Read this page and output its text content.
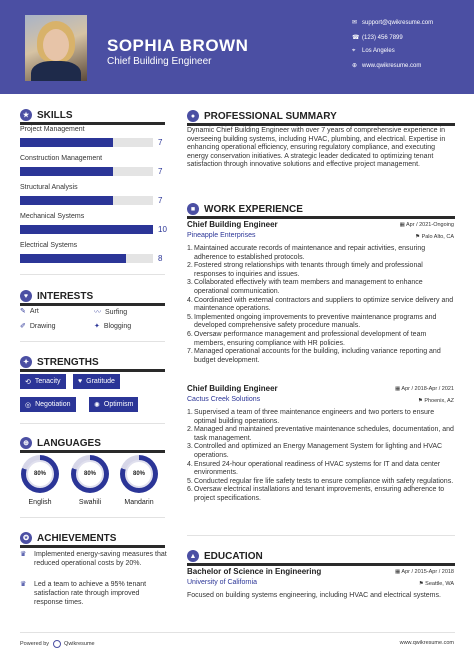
SOPHIA BROWN
Chief Building Engineer
✉ support@qwikresume.com
☎ (123) 456 7899
⌖ Los Angeles
⊕ www.qwikresume.com
★ SKILLS
Project Management
7
Construction Management
7
Structural Analysis
7
Mechanical Systems
10
Electrical Systems
8
♥ INTERESTS
✎ Art	〰 Surfing
✐ Drawing	✦ Blogging
✦ STRENGTHS
⟲ Tenacity ♥ Gratitude
◎ Negotiation	✺ Optimism
⊕ LANGUAGES
80%
English
80%
Swahili
80%
Mandarin
✪ ACHIEVEMENTS
♛	Implemented energy-saving measures that reduced operational costs by 20%.
♛	Led a team to achieve a 95% tenant satisfaction rate through improved response times.
● PROFESSIONAL SUMMARY
Dynamic Chief Building Engineer with over 7 years of comprehensive experience in overseeing building systems, including HVAC, plumbing, and electrical. Expertise in enhancing operational efficiency, ensuring regulatory compliance, and executing energy conservation initiatives. A strategic leader dedicated to optimizing tenant satisfaction through innovative solutions and effective project management.
■ WORK EXPERIENCE
Chief Building Engineer	▦ Apr / 2021-Ongoing
Pineapple Enterprises	⚑ Palo Alto, CA
1. Maintained accurate records of maintenance and repair activities, ensuring adherence to established protocols.
2. Fostered strong relationships with tenants through timely and professional responses to inquiries and issues.
3. Collaborated effectively with team members and management to enhance operational communication.
4. Coordinated with external contractors and suppliers to optimize service delivery and maintenance operations.
5. Implemented ongoing improvements to preventive maintenance programs and developed comprehensive safety procedure manuals.
6. Oversaw performance management and professional development of team members, ensuring compliance with HR policies.
7. Managed operational accounts for the building, including variance reporting and budget development.
Chief Building Engineer	▦ Apr / 2018-Apr / 2021
Cactus Creek Solutions	⚑ Phoenix, AZ
1. Supervised a team of three maintenance engineers and two porters to ensure optimal building operations.
2. Managed and maintained preventative maintenance schedules, documentation, and task management.
3. Controlled and optimized an Energy Management System for lighting and HVAC operations.
4. Ensured 24-hour operational readiness of HVAC systems for IT and data center environments.
5. Conducted regular fire life safety tests to ensure compliance with safety regulations.
6. Oversaw electrical installations and tenant improvements, ensuring adherence to project specifications.
▲ EDUCATION
Bachelor of Science in Engineering	▦ Apr / 2015-Apr / 2018
University of California	⚑ Seattle, WA
Focused on building systems engineering, including HVAC and electrical systems.
Powered by	Qwikresume	www.qwikresume.com
